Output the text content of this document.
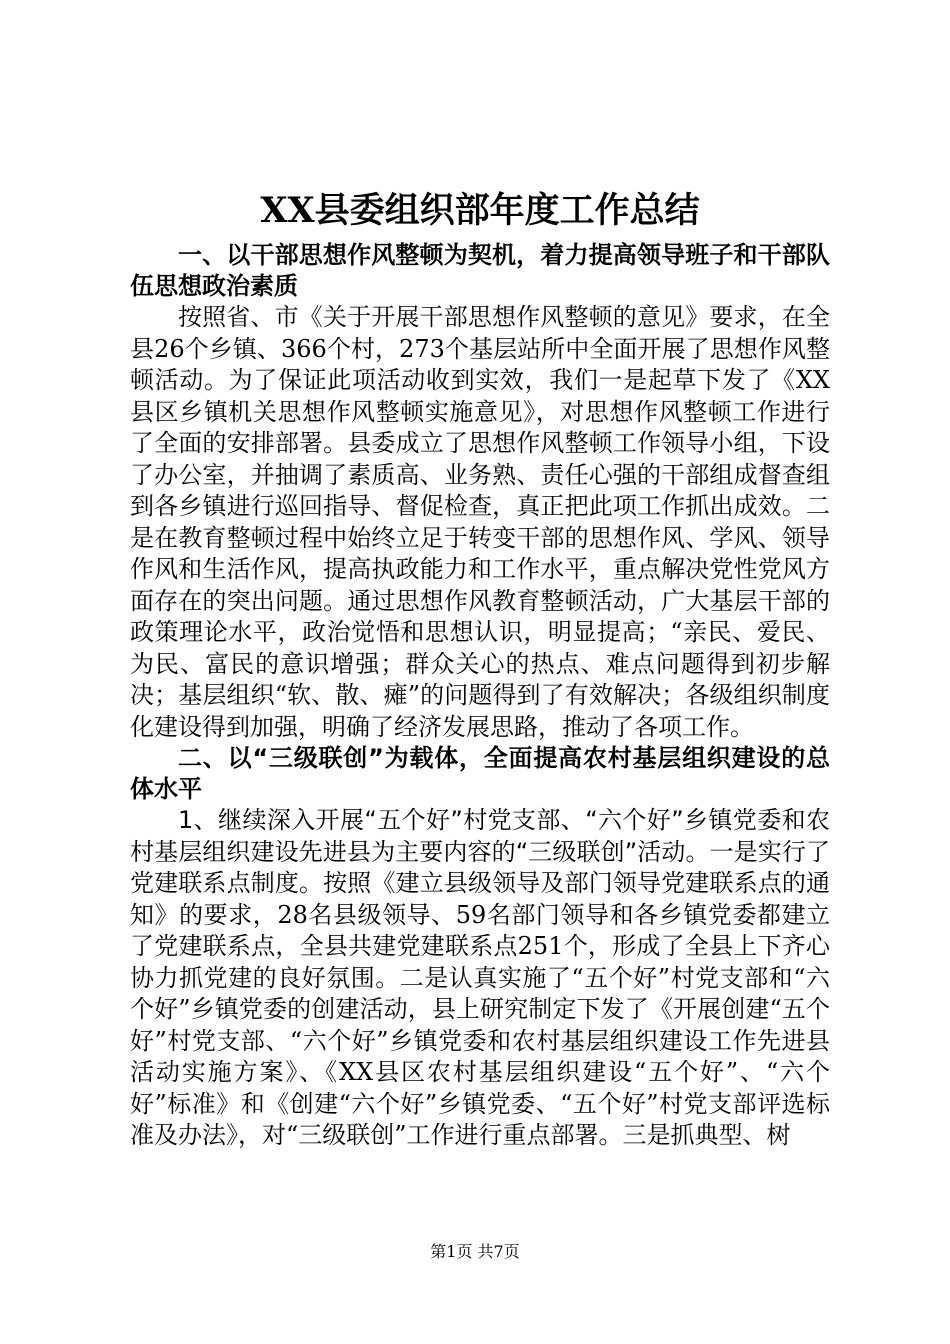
XX县委组织部年度工作总结

一、以干部思想作风整顿为契机，着力提高领导班子和干部队伍思想政治素质

按照省、市《关于开展干部思想作风整顿的意见》要求，在全县26个乡镇、366个村，273个基层站所中全面开展了思想作风整顿活动。为了保证此项活动收到实效，我们一是起草下发了《XX县区乡镇机关思想作风整顿实施意见》，对思想作风整顿工作进行了全面的安排部署。县委成立了思想作风整顿工作领导小组，下设了办公室，并抽调了素质高、业务熟、责任心强的干部组成督查组到各乡镇进行巡回指导、督促检查，真正把此项工作抓出成效。二是在教育整顿过程中始终立足于转变干部的思想作风、学风、领导作风和生活作风，提高执政能力和工作水平，重点解决党性党风方面存在的突出问题。通过思想作风教育整顿活动，广大基层干部的政策理论水平，政治觉悟和思想认识，明显提高；“亲民、爱民、为民、富民的意识增强；群众关心的热点、难点问题得到初步解决；基层组织“软、散、瘫”的问题得到了有效解决；各级组织制度化建设得到加强，明确了经济发展思路，推动了各项工作。

二、以“三级联创”为载体，全面提高农村基层组织建设的总体水平

1、继续深入开展“五个好”村党支部、“六个好”乡镇党委和农村基层组织建设先进县为主要内容的“三级联创”活动。一是实行了党建联系点制度。按照《建立县级领导及部门领导党建联系点的通知》的要求，28名县级领导、59名部门领导和各乡镇党委都建立了党建联系点，全县共建党建联系点251个，形成了全县上下齐心协力抓党建的良好氛围。二是认真实施了“五个好”村党支部和“六个好”乡镇党委的创建活动，县上研究制定下发了《开展创建“五个好”村党支部、“六个好”乡镇党委和农村基层组织建设工作先进县活动实施方案》、《XX县区农村基层组织建设“五个好”、“六个好”标准》和《创建“六个好”乡镇党委、“五个好”村党支部评选标准及办法》，对“三级联创”工作进行重点部署。三是抓典型、树

第1页 共7页
